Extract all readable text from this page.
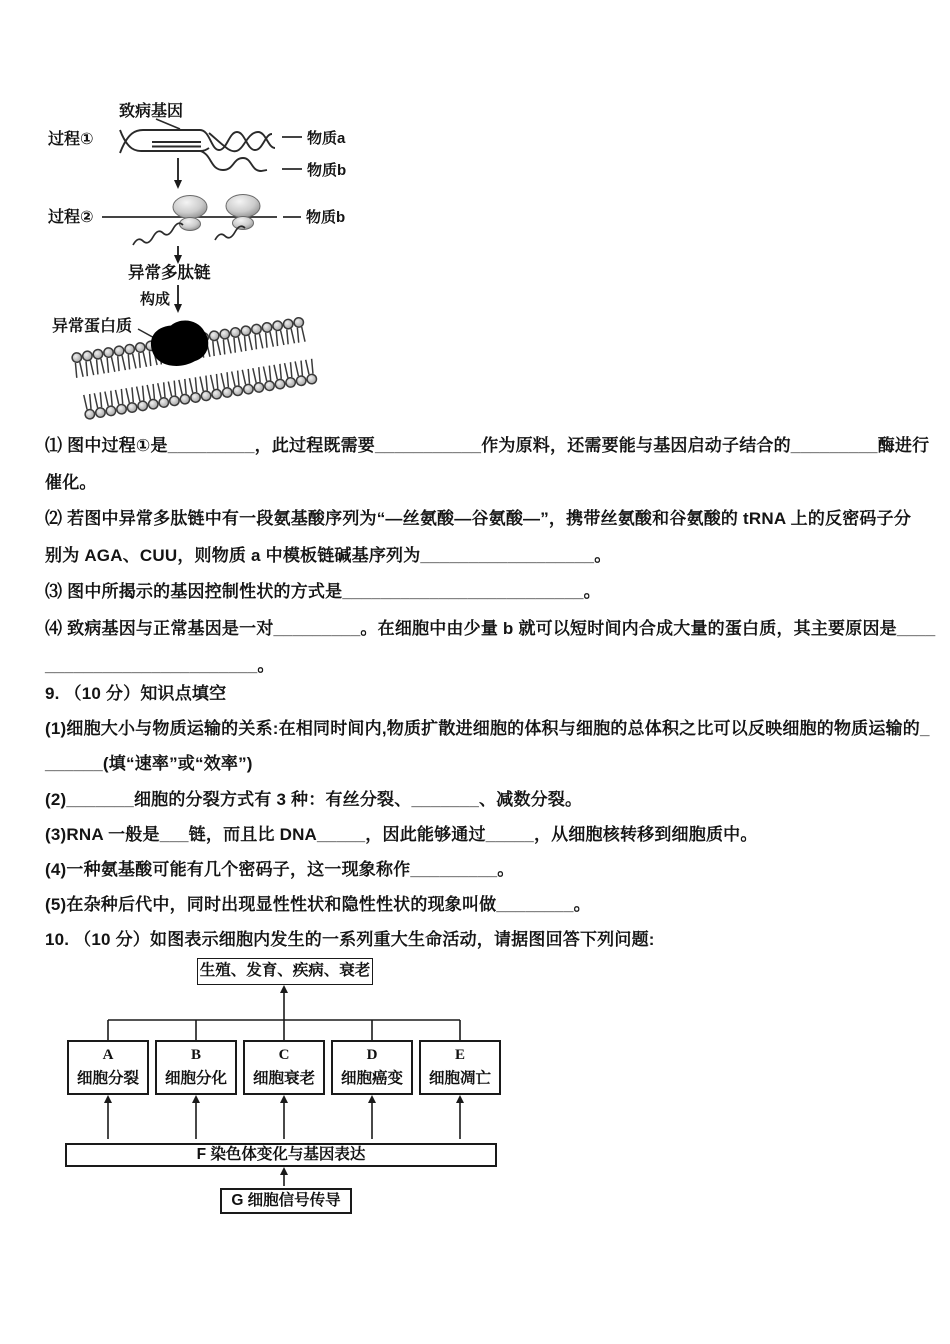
致病基因
过程①	物质a
物质b
过程②	物质b
异常多肽链
构成
异常蛋白质
⑴ 图中过程①是_________，此过程既需要___________作为原料，还需要能与基因启动子结合的_________酶进行
催化。
⑵ 若图中异常多肽链中有一段氨基酸序列为“—丝氨酸—谷氨酸—”，携带丝氨酸和谷氨酸的 tRNA 上的反密码子分
别为 AGA、CUU，则物质 a 中模板链碱基序列为__________________。
⑶ 图中所揭示的基因控制性状的方式是_________________________。
⑷ 致病基因与正常基因是一对_________。在细胞中由少量 b 就可以短时间内合成大量的蛋白质，其主要原因是____
______________________。
9. （10 分）知识点填空
(1)细胞大小与物质运输的关系:在相同时间内,物质扩散进细胞的体积与细胞的总体积之比可以反映细胞的物质运输的_
______(填“速率”或“效率”)
(2)_______细胞的分裂方式有 3 种：有丝分裂、_______、减数分裂。
(3)RNA 一般是___链，而且比 DNA_____，因此能够通过_____，从细胞核转移到细胞质中。
(4)一种氨基酸可能有几个密码子，这一现象称作_________。
(5)在杂种后代中，同时出现显性性状和隐性性状的现象叫做________。
10. （10 分）如图表示细胞内发生的一系列重大生命活动，请据图回答下列问题:
生殖、发育、疾病、衰老
A
细胞分裂
B
细胞分化
C
细胞衰老
D
细胞癌变
E
细胞凋亡
F 染色体变化与基因表达
G 细胞信号传导
